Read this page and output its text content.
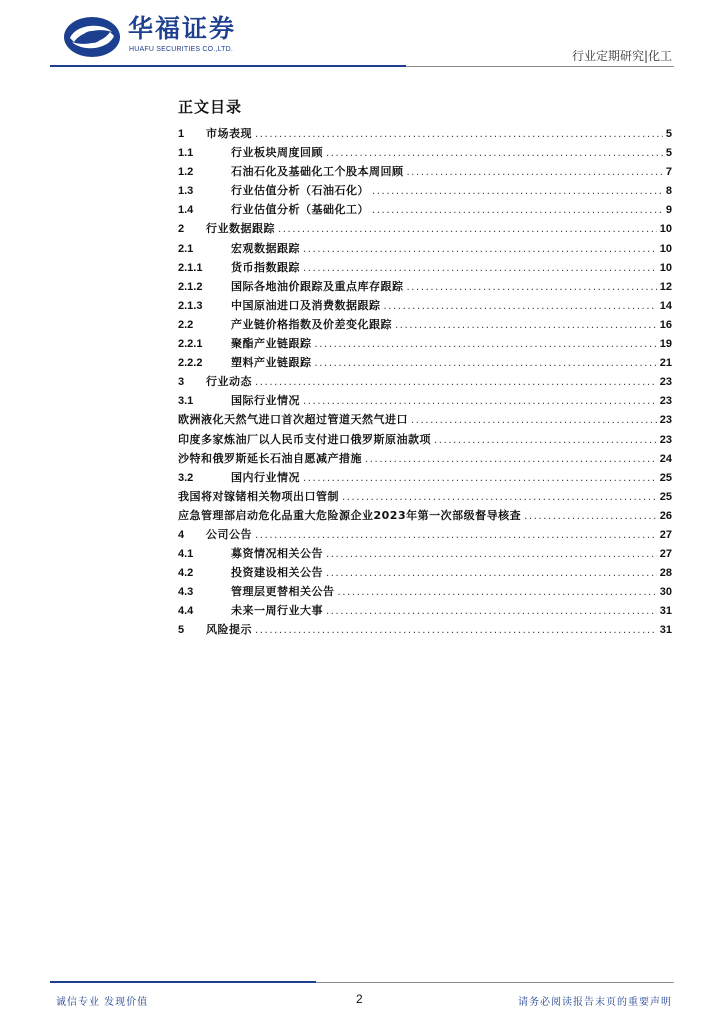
华福证券
HUAFU SECURITIES CO.,LTD.	行业定期研究|化工
正文目录
1	市场表现 .....	5
1.1	行业板块周度回顾 .....	5
1.2	石油石化及基础化工个股本周回顾 .....	7
1.3	行业估值分析（石油石化） .....	8
1.4	行业估值分析（基础化工） .....	9
2	行业数据跟踪 .....	10
2.1	宏观数据跟踪 .....	10
2.1.1	货币指数跟踪 .....	10
2.1.2	国际各地油价跟踪及重点库存跟踪 .....	12
2.1.3	中国原油进口及消费数据跟踪 .....	14
2.2	产业链价格指数及价差变化跟踪 .....	16
2.2.1	聚酯产业链跟踪 .....	19
2.2.2	塑料产业链跟踪 .....	21
3	行业动态 .....	23
3.1	国际行业情况 .....	23
欧洲液化天然气进口首次超过管道天然气进口 .....	23
印度多家炼油厂以人民币支付进口俄罗斯原油款项 .....	23
沙特和俄罗斯延长石油自愿减产措施 .....	24
3.2	国内行业情况 .....	25
我国将对镓锗相关物项出口管制 .....	25
应急管理部启动危化品重大危险源企业2023年第一次部级督导核查 .....	26
4	公司公告 .....	27
4.1	募资情况相关公告 .....	27
4.2	投资建设相关公告 .....	28
4.3	管理层更替相关公告 .....	30
4.4	未来一周行业大事 .....	31
5	风险提示 .....	31
诚信专业 发现价值	2	请务必阅读报告末页的重要声明
